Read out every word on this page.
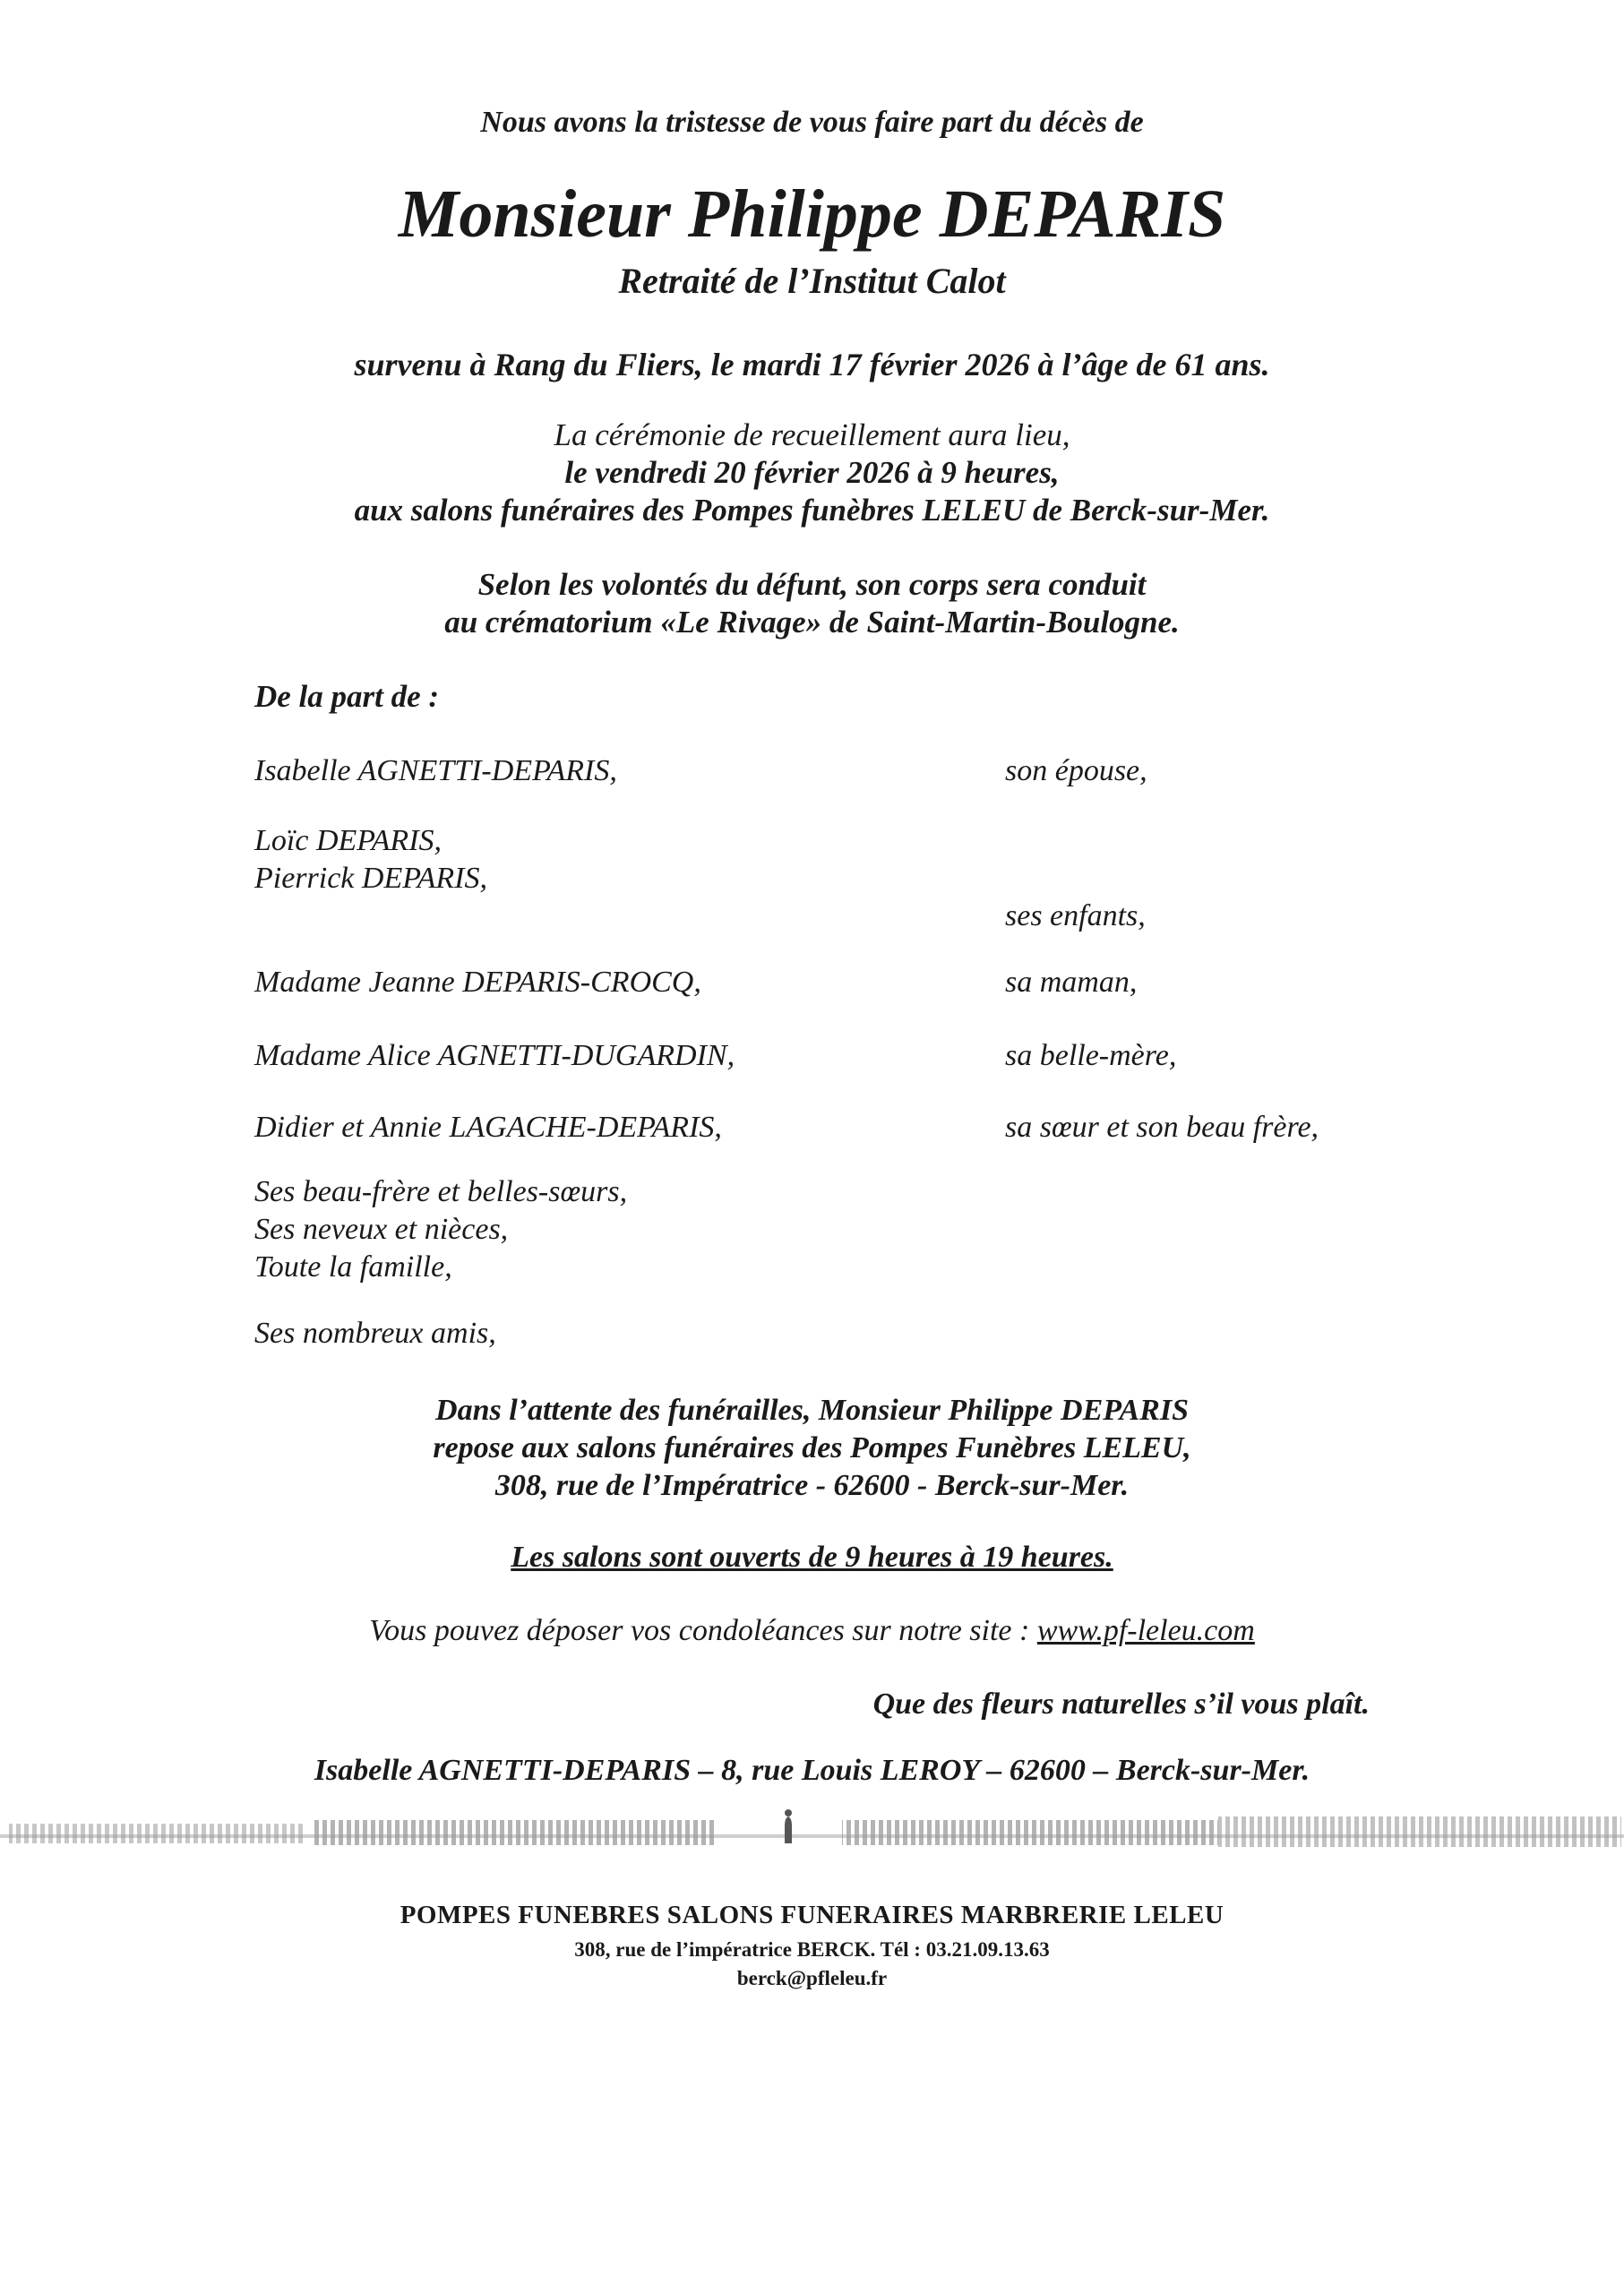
Nous avons la tristesse de vous faire part du décès de
Monsieur Philippe DEPARIS
Retraité de l’Institut Calot
survenu à Rang du Fliers, le mardi 17 février 2026 à l’âge de 61 ans.
La cérémonie de recueillement aura lieu,
le vendredi 20 février 2026 à 9 heures,
aux salons funéraires des Pompes funèbres LELEU de Berck-sur-Mer.
Selon les volontés du défunt, son corps sera conduit
au crématorium «Le Rivage» de Saint-Martin-Boulogne.
De la part de :
Isabelle AGNETTI-DEPARIS,
Loïc DEPARIS,
Pierrick DEPARIS,
Madame Jeanne DEPARIS-CROCQ,
Madame Alice AGNETTI-DUGARDIN,
Didier et Annie LAGACHE-DEPARIS,
Ses beau-frère et belles-sœurs,
Ses neveux et nièces,
Toute la famille,
Ses nombreux amis,
son épouse,
ses enfants,
sa maman,
sa belle-mère,
sa sœur et son beau frère,
Dans l’attente des funérailles, Monsieur Philippe DEPARIS
repose aux salons funéraires des Pompes Funèbres LELEU,
308, rue de l’Impératrice - 62600 - Berck-sur-Mer.
Les salons sont ouverts de 9 heures à 19 heures.
Vous pouvez déposer vos condoléances sur notre site : www.pf-leleu.com
Que des fleurs naturelles s’il vous plaît.
Isabelle AGNETTI-DEPARIS – 8, rue Louis LEROY – 62600 – Berck-sur-Mer.
POMPES FUNEBRES SALONS FUNERAIRES MARBRERIE LELEU
308, rue de l’impératrice BERCK. Tél : 03.21.09.13.63
berck@pfleleu.fr
